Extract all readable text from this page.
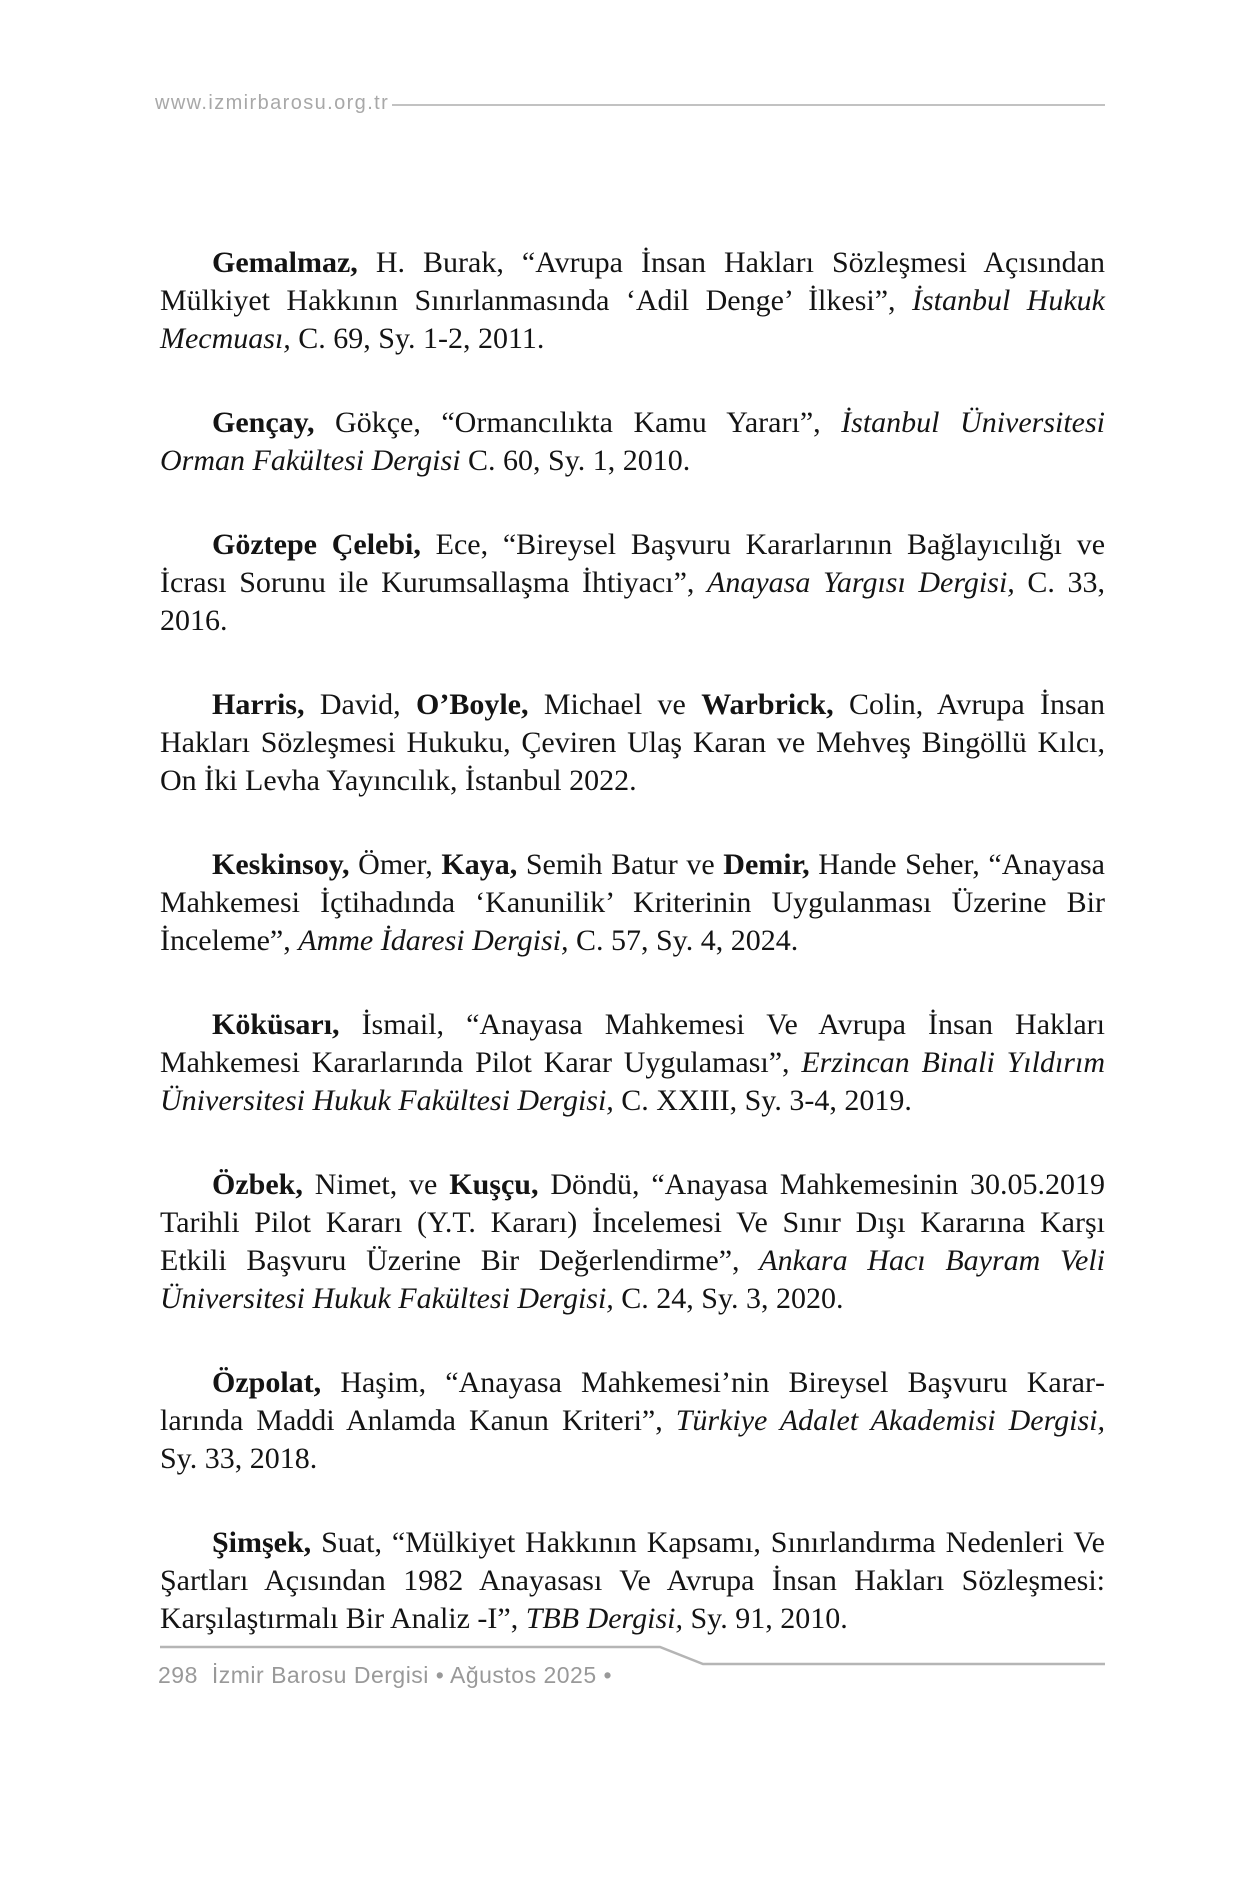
www.izmirbarosu.org.tr

Gemalmaz, H. Burak, “Avrupa İnsan Hakları Sözleşmesi Açısından Mülkiyet Hakkının Sınırlanmasında ‘Adil Denge’ İlkesi”, İstanbul Hukuk Mecmuası, C. 69, Sy. 1-2, 2011.

Gençay, Gökçe, “Ormancılıkta Kamu Yararı”, İstanbul Üniversitesi Orman Fakültesi Dergisi C. 60, Sy. 1, 2010.

Göztepe Çelebi, Ece, “Bireysel Başvuru Kararlarının Bağlayıcılığı ve İcrası Sorunu ile Kurumsallaşma İhtiyacı”, Anayasa Yargısı Dergisi, C. 33, 2016.

Harris, David, O’Boyle, Michael ve Warbrick, Colin, Avrupa İnsan Hakları Sözleşmesi Hukuku, Çeviren Ulaş Karan ve Mehveş Bingöllü Kılcı, On İki Levha Yayıncılık, İstanbul 2022.

Keskinsoy, Ömer, Kaya, Semih Batur ve Demir, Hande Seher, “Anayasa Mahkemesi İçtihadında ‘Kanunilik’ Kriterinin Uygulanması Üzerine Bir İnceleme”, Amme İdaresi Dergisi, C. 57, Sy. 4, 2024.

Köküsarı, İsmail, “Anayasa Mahkemesi Ve Avrupa İnsan Hakları Mahkemesi Kararlarında Pilot Karar Uygulaması”, Erzincan Binali Yıldırım Üniversitesi Hukuk Fakültesi Dergisi, C. XXIII, Sy. 3-4, 2019.

Özbek, Nimet, ve Kuşçu, Döndü, “Anayasa Mahkemesinin 30.05.2019 Tarihli Pilot Kararı (Y.T. Kararı) İncelemesi Ve Sınır Dışı Kararına Karşı Etkili Başvuru Üzerine Bir Değerlendirme”, Ankara Hacı Bayram Veli Üniversitesi Hukuk Fakültesi Dergisi, C. 24, Sy. 3, 2020.

Özpolat, Haşim, “Anayasa Mahkemesi’nin Bireysel Başvuru Kararlarında Maddi Anlamda Kanun Kriteri”, Türkiye Adalet Akademisi Dergisi, Sy. 33, 2018.

Şimşek, Suat, “Mülkiyet Hakkının Kapsamı, Sınırlandırma Nedenleri Ve Şartları Açısından 1982 Anayasası Ve Avrupa İnsan Hakları Sözleşmesi: Karşılaştırmalı Bir Analiz -I”, TBB Dergisi, Sy. 91, 2010.

298 İzmir Barosu Dergisi • Ağustos 2025 •
